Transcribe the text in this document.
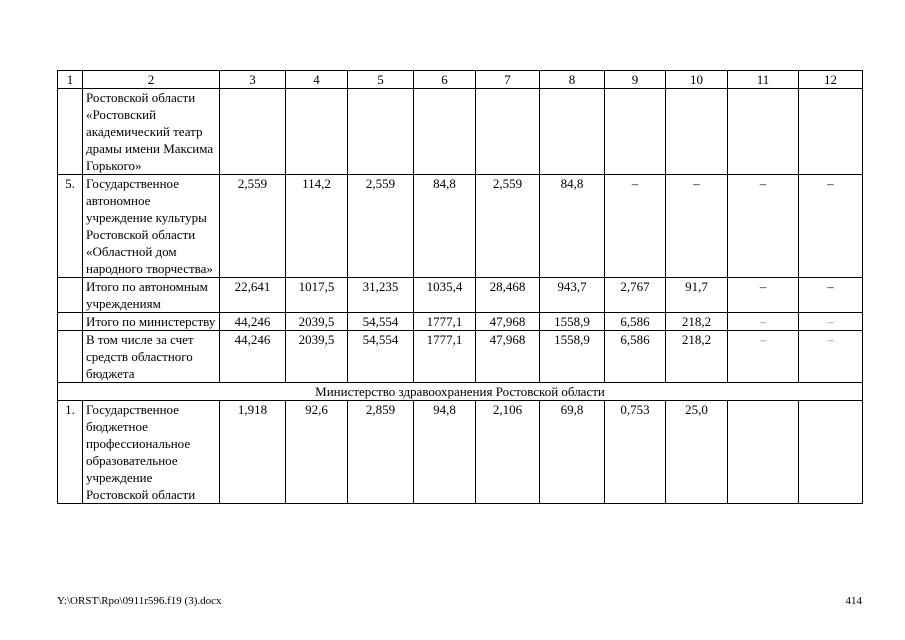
1	2	3	4	5	6	7	8	9	10	11	12
	Ростовской области «Ростовский академический театр драмы имени Максима Горького»										
5.	Государственное автономное учреждение культуры Ростовской области «Областной дом народного творчества»	2,559	114,2	2,559	84,8	2,559	84,8	–	–	–	–
	Итого по автономным учреждениям	22,641	1017,5	31,235	1035,4	28,468	943,7	2,767	91,7	–	–
	Итого по министерству	44,246	2039,5	54,554	1777,1	47,968	1558,9	6,586	218,2	–	–
	В том числе за счет средств областного бюджета	44,246	2039,5	54,554	1777,1	47,968	1558,9	6,586	218,2	–	–
Министерство здравоохранения Ростовской области											
1.	Государственное бюджетное профессиональное образовательное учреждение Ростовской области	1,918	92,6	2,859	94,8	2,106	69,8	0,753	25,0		
Y:\ORST\Rpo\0911r596.f19 (3).docx	414
